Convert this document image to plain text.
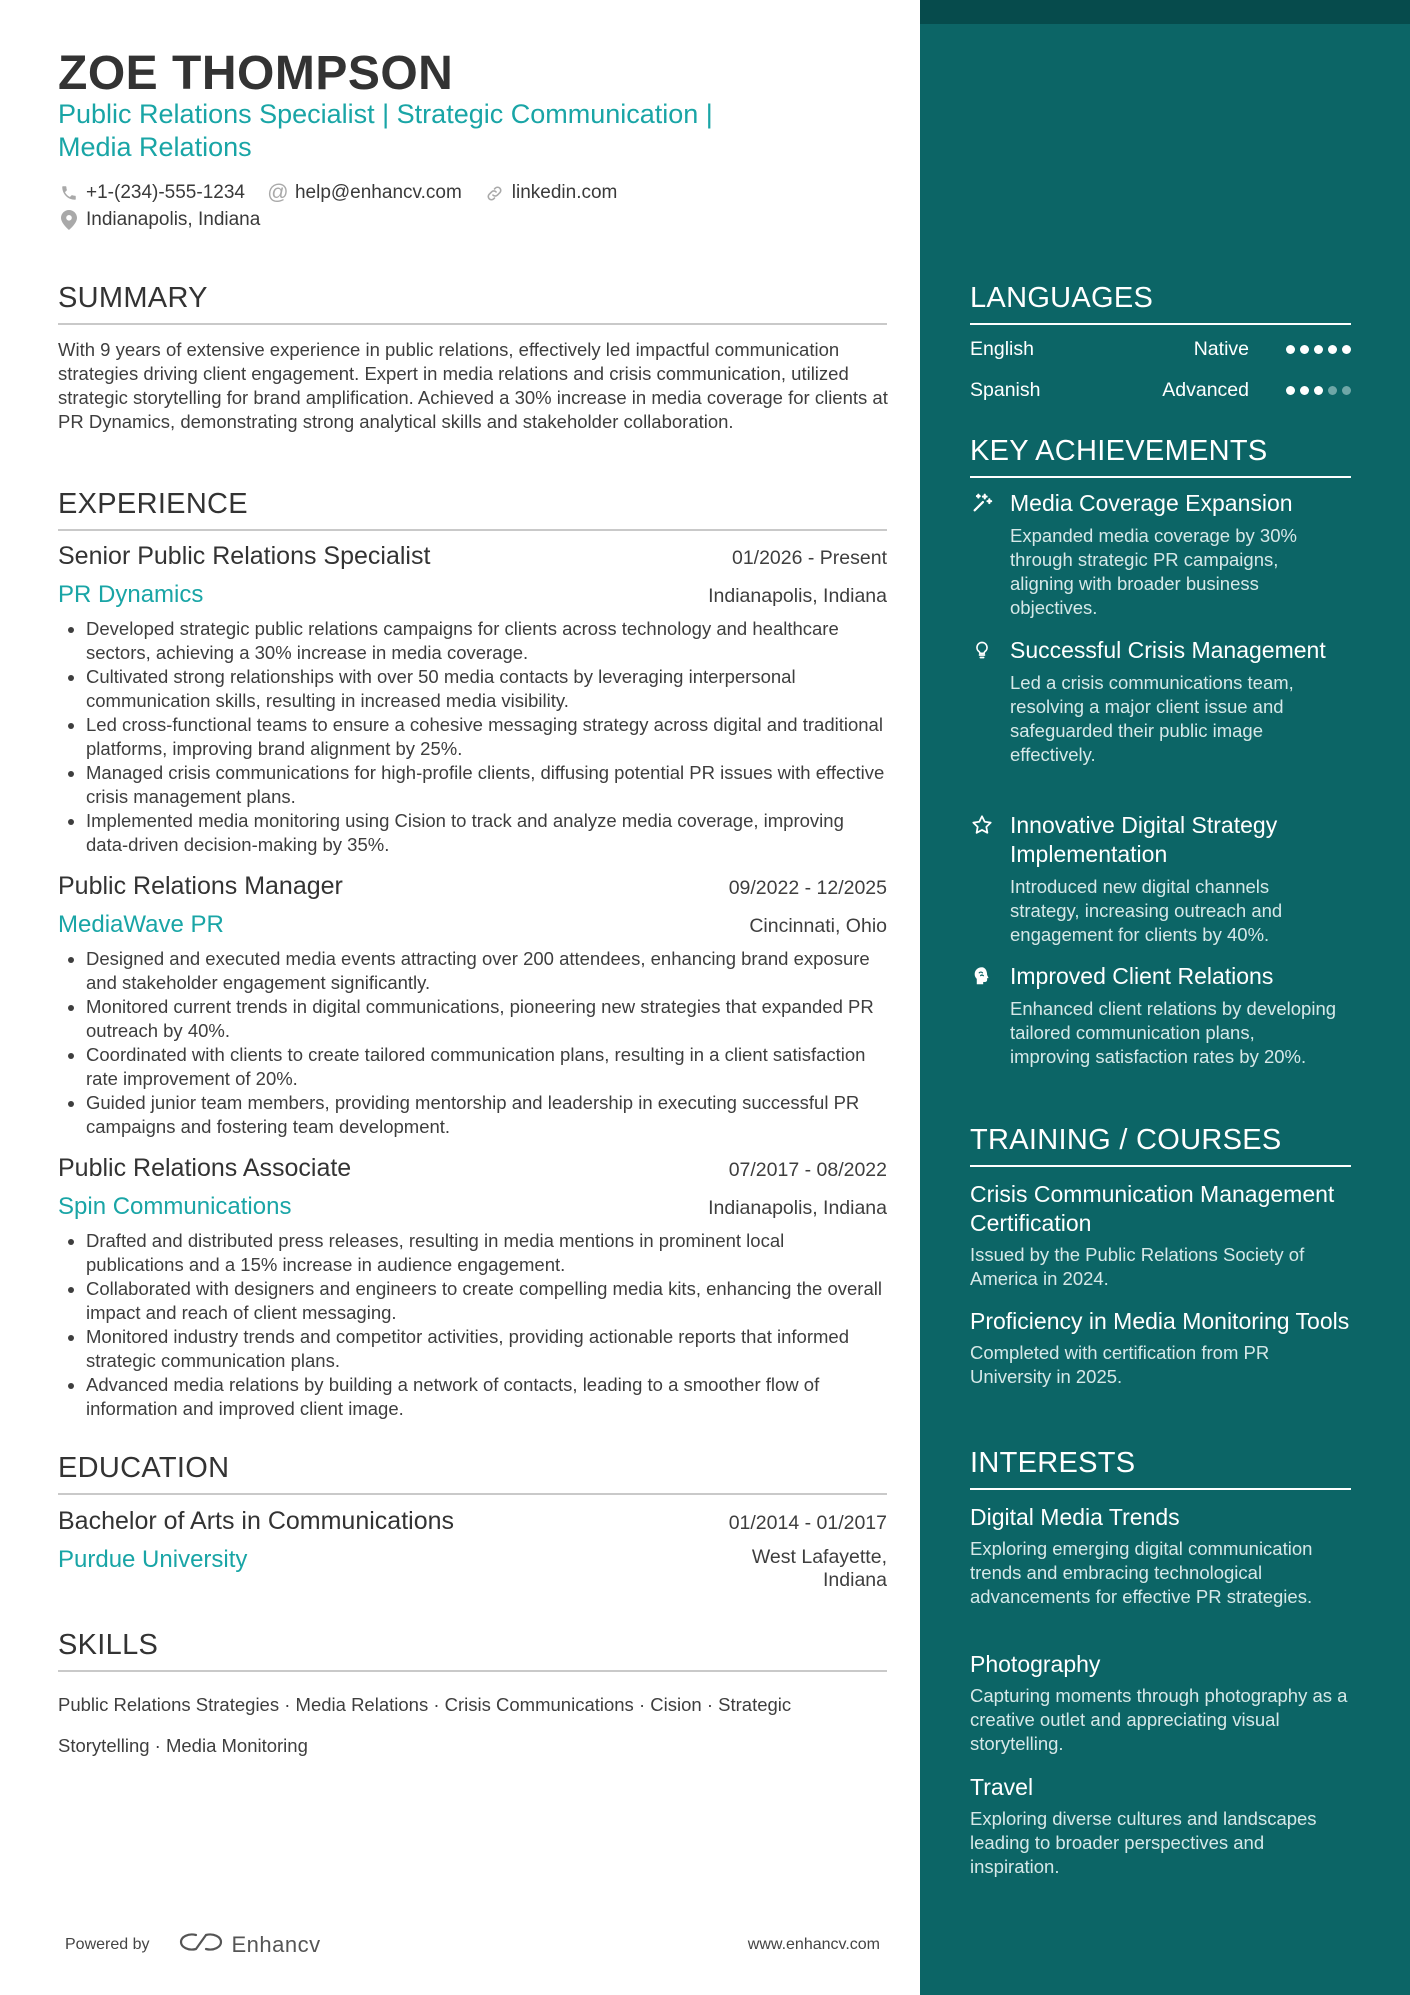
ZOE THOMPSON
Public Relations Specialist | Strategic Communication | Media Relations
+1-(234)-555-1234 @ help@enhancv.com	linkedin.com
Indianapolis, Indiana
SUMMARY
With 9 years of extensive experience in public relations, effectively led impactful communication strategies driving client engagement. Expert in media relations and crisis communication, utilized strategic storytelling for brand amplification. Achieved a 30% increase in media coverage for clients at PR Dynamics, demonstrating strong analytical skills and stakeholder collaboration.
EXPERIENCE
Senior Public Relations Specialist	01/2026 - Present
PR Dynamics	Indianapolis, Indiana
• Developed strategic public relations campaigns for clients across technology and healthcare sectors, achieving a 30% increase in media coverage.
• Cultivated strong relationships with over 50 media contacts by leveraging interpersonal communication skills, resulting in increased media visibility.
• Led cross-functional teams to ensure a cohesive messaging strategy across digital and traditional platforms, improving brand alignment by 25%.
• Managed crisis communications for high-profile clients, diffusing potential PR issues with effective crisis management plans.
• Implemented media monitoring using Cision to track and analyze media coverage, improving data-driven decision-making by 35%.
Public Relations Manager	09/2022 - 12/2025
MediaWave PR	Cincinnati, Ohio
• Designed and executed media events attracting over 200 attendees, enhancing brand exposure and stakeholder engagement significantly.
• Monitored current trends in digital communications, pioneering new strategies that expanded PR outreach by 40%.
• Coordinated with clients to create tailored communication plans, resulting in a client satisfaction rate improvement of 20%.
• Guided junior team members, providing mentorship and leadership in executing successful PR campaigns and fostering team development.
Public Relations Associate	07/2017 - 08/2022
Spin Communications	Indianapolis, Indiana
• Drafted and distributed press releases, resulting in media mentions in prominent local publications and a 15% increase in audience engagement.
• Collaborated with designers and engineers to create compelling media kits, enhancing the overall impact and reach of client messaging.
• Monitored industry trends and competitor activities, providing actionable reports that informed strategic communication plans.
• Advanced media relations by building a network of contacts, leading to a smoother flow of information and improved client image.
EDUCATION
Bachelor of Arts in Communications	01/2014 - 01/2017
Purdue University	West Lafayette,
Indiana
SKILLS
Public Relations Strategies · Media Relations · Crisis Communications · Cision · Strategic Storytelling · Media Monitoring
Powered by	Enhancv	www.enhancv.com
LANGUAGES
English	Native
Spanish	Advanced
KEY ACHIEVEMENTS
Media Coverage Expansion
Expanded media coverage by 30% through strategic PR campaigns, aligning with broader business objectives.
Successful Crisis Management
Led a crisis communications team, resolving a major client issue and safeguarded their public image effectively.
Innovative Digital Strategy Implementation
Introduced new digital channels strategy, increasing outreach and engagement for clients by 40%.
Improved Client Relations
Enhanced client relations by developing tailored communication plans, improving satisfaction rates by 20%.
TRAINING / COURSES
Crisis Communication Management Certification
Issued by the Public Relations Society of America in 2024.
Proficiency in Media Monitoring Tools
Completed with certification from PR University in 2025.
INTERESTS
Digital Media Trends
Exploring emerging digital communication trends and embracing technological advancements for effective PR strategies.
Photography
Capturing moments through photography as a creative outlet and appreciating visual storytelling.
Travel
Exploring diverse cultures and landscapes leading to broader perspectives and inspiration.
